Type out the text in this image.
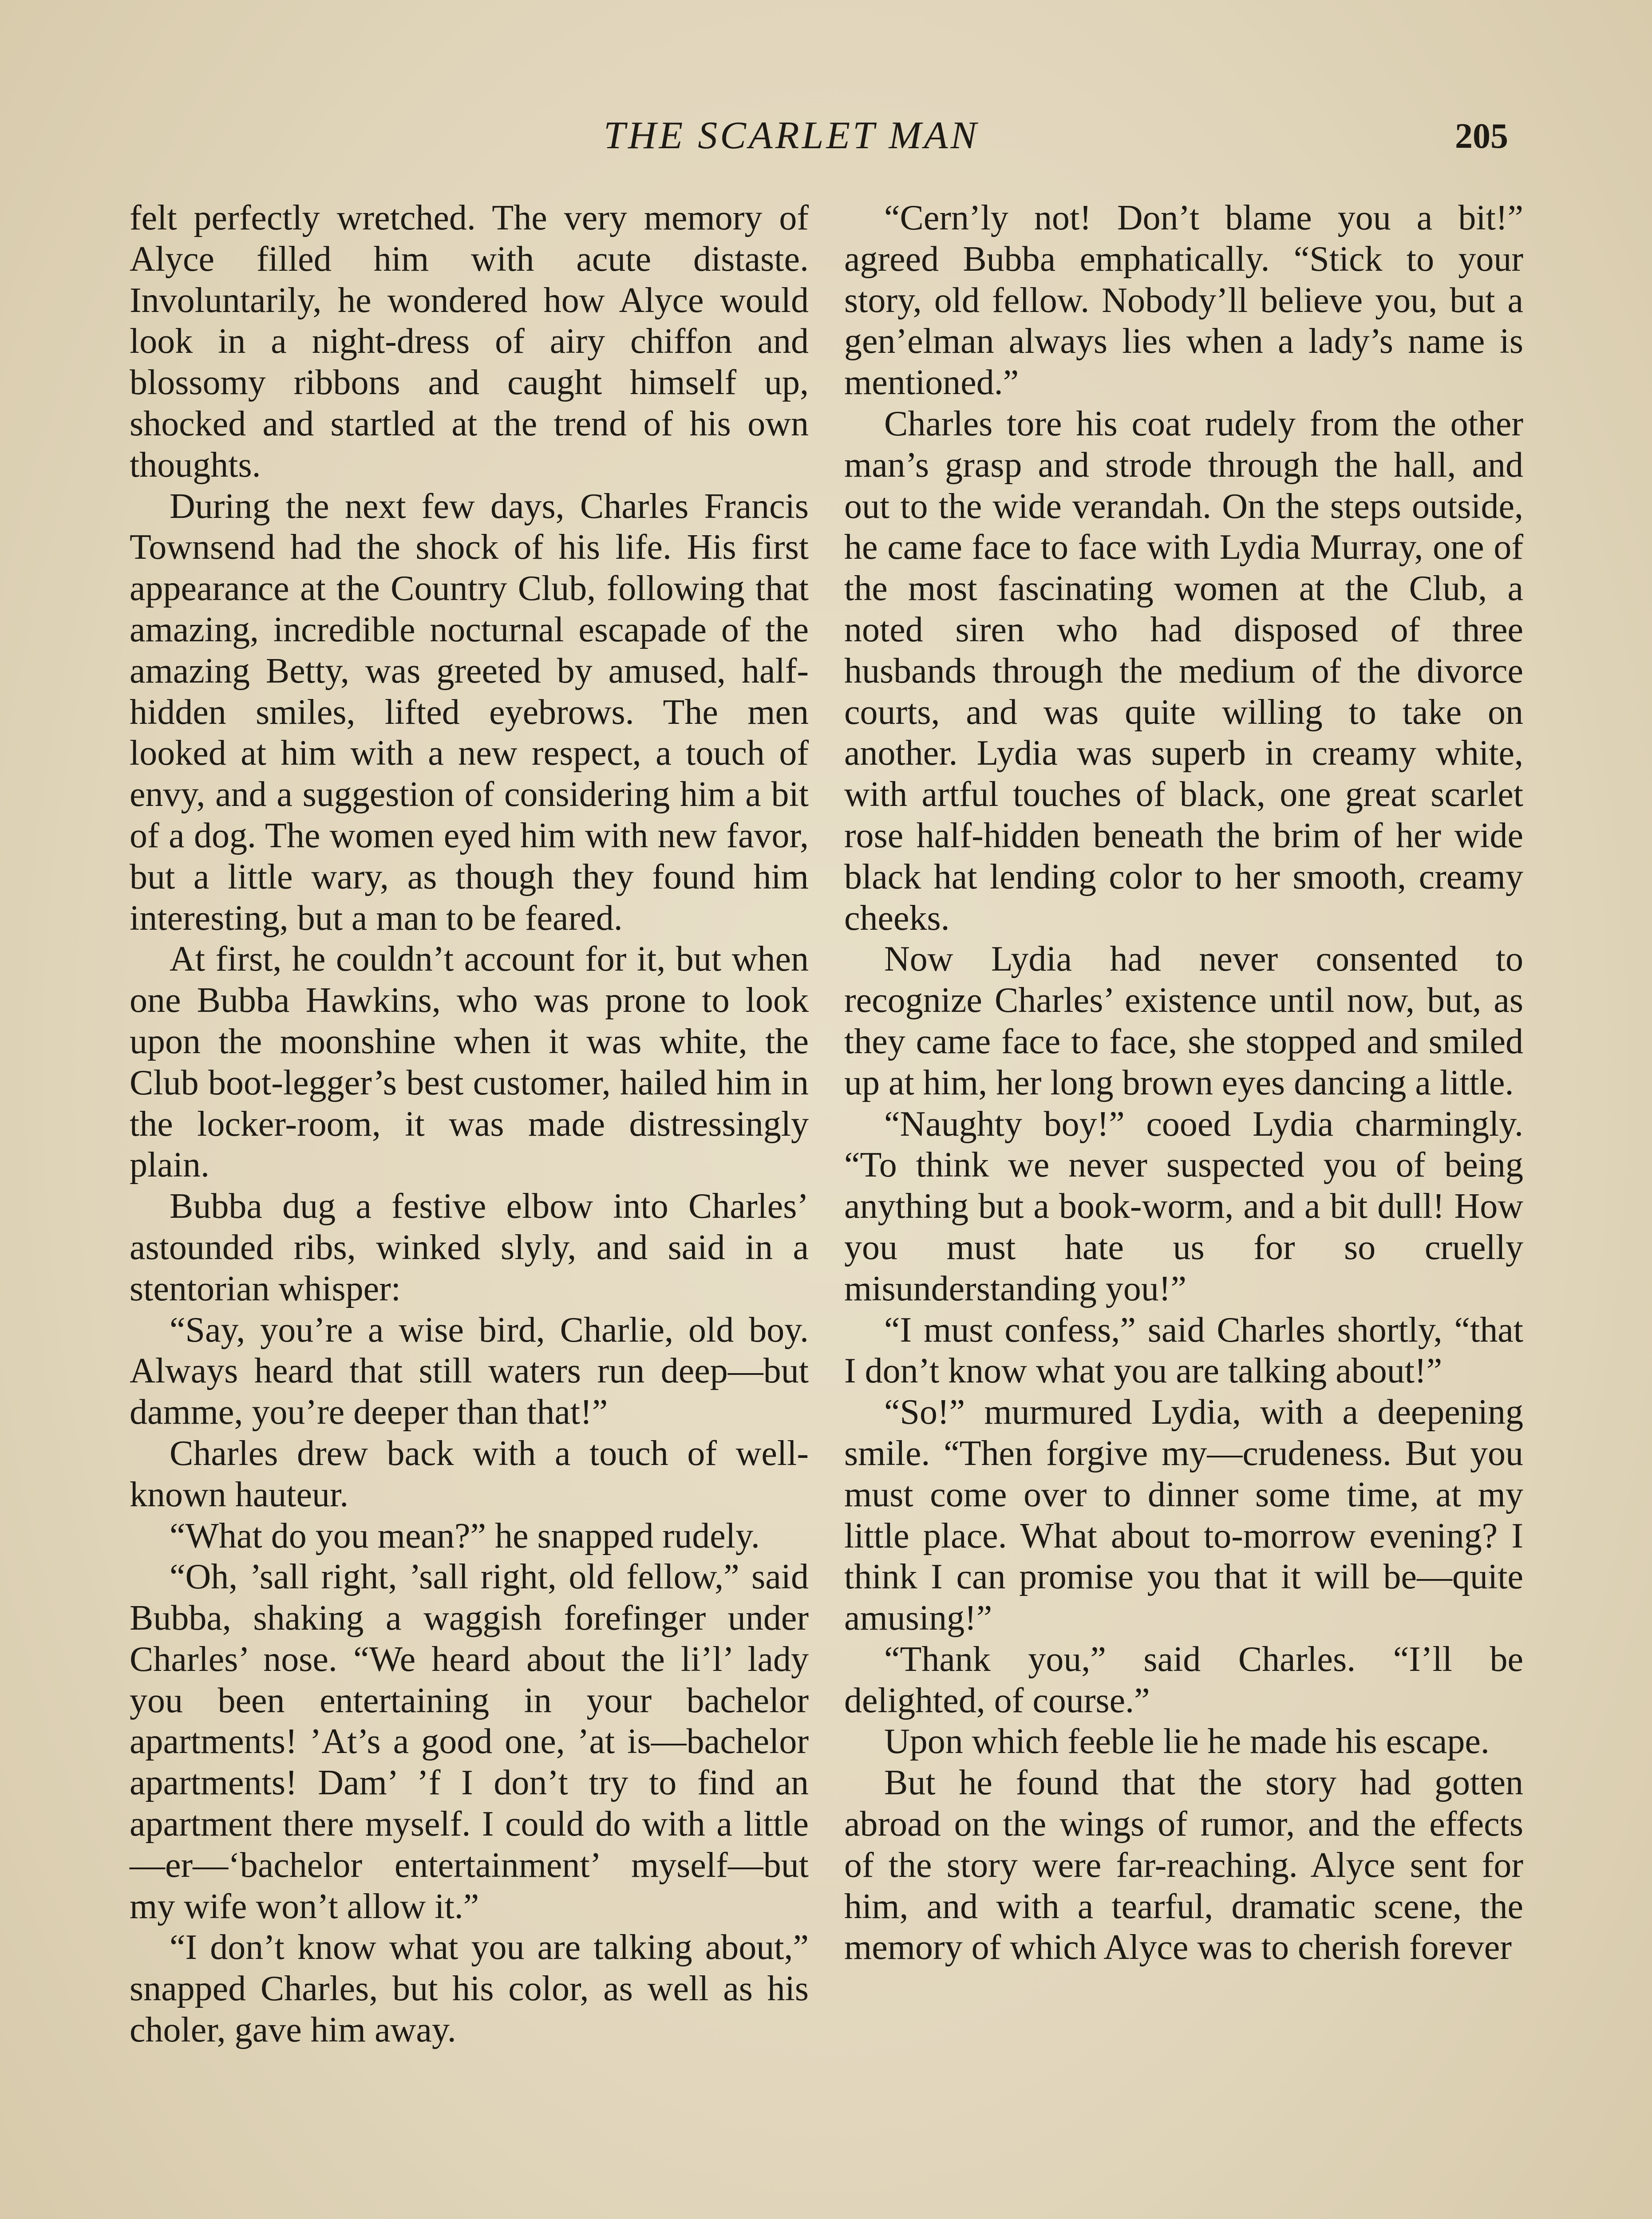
THE SCARLET MAN	205

felt perfectly wretched. The very memory of Alyce filled him with acute distaste. Involuntarily, he wondered how Alyce would look in a night-dress of airy chiffon and blossomy ribbons and caught himself up, shocked and startled at the trend of his own thoughts.

During the next few days, Charles Francis Townsend had the shock of his life. His first appearance at the Country Club, following that amazing, incredible nocturnal escapade of the amazing Betty, was greeted by amused, half-hidden smiles, lifted eyebrows. The men looked at him with a new respect, a touch of envy, and a suggestion of considering him a bit of a dog. The women eyed him with new favor, but a little wary, as though they found him interesting, but a man to be feared.

At first, he couldn’t account for it, but when one Bubba Hawkins, who was prone to look upon the moonshine when it was white, the Club boot-legger’s best customer, hailed him in the locker-room, it was made distressingly plain.

Bubba dug a festive elbow into Charles’ astounded ribs, winked slyly, and said in a stentorian whisper:

“Say, you’re a wise bird, Charlie, old boy. Always heard that still waters run deep—but damme, you’re deeper than that!”

Charles drew back with a touch of well-known hauteur.

“What do you mean?” he snapped rudely.

“Oh, ’sall right, ’sall right, old fellow,” said Bubba, shaking a waggish forefinger under Charles’ nose. “We heard about the li’l’ lady you been entertaining in your bachelor apartments! ’At’s a good one, ’at is—bachelor apartments! Dam’ ’f I don’t try to find an apartment there myself. I could do with a little—er—‘bachelor entertainment’ myself—but my wife won’t allow it.”

“I don’t know what you are talking about,” snapped Charles, but his color, as well as his choler, gave him away.

“Cern’ly not! Don’t blame you a bit!” agreed Bubba emphatically. “Stick to your story, old fellow. Nobody’ll believe you, but a gen’elman always lies when a lady’s name is mentioned.”

Charles tore his coat rudely from the other man’s grasp and strode through the hall, and out to the wide verandah. On the steps outside, he came face to face with Lydia Murray, one of the most fascinating women at the Club, a noted siren who had disposed of three husbands through the medium of the divorce courts, and was quite willing to take on another. Lydia was superb in creamy white, with artful touches of black, one great scarlet rose half-hidden beneath the brim of her wide black hat lending color to her smooth, creamy cheeks.

Now Lydia had never consented to recognize Charles’ existence until now, but, as they came face to face, she stopped and smiled up at him, her long brown eyes dancing a little.

“Naughty boy!” cooed Lydia charmingly. “To think we never suspected you of being anything but a book-worm, and a bit dull! How you must hate us for so cruelly misunderstanding you!”

“I must confess,” said Charles shortly, “that I don’t know what you are talking about!”

“So!” murmured Lydia, with a deepening smile. “Then forgive my—crudeness. But you must come over to dinner some time, at my little place. What about to-morrow evening? I think I can promise you that it will be—quite amusing!”

“Thank you,” said Charles. “I’ll be delighted, of course.”

Upon which feeble lie he made his escape.

But he found that the story had gotten abroad on the wings of rumor, and the effects of the story were far-reaching. Alyce sent for him, and with a tearful, dramatic scene, the memory of which Alyce was to cherish forever
